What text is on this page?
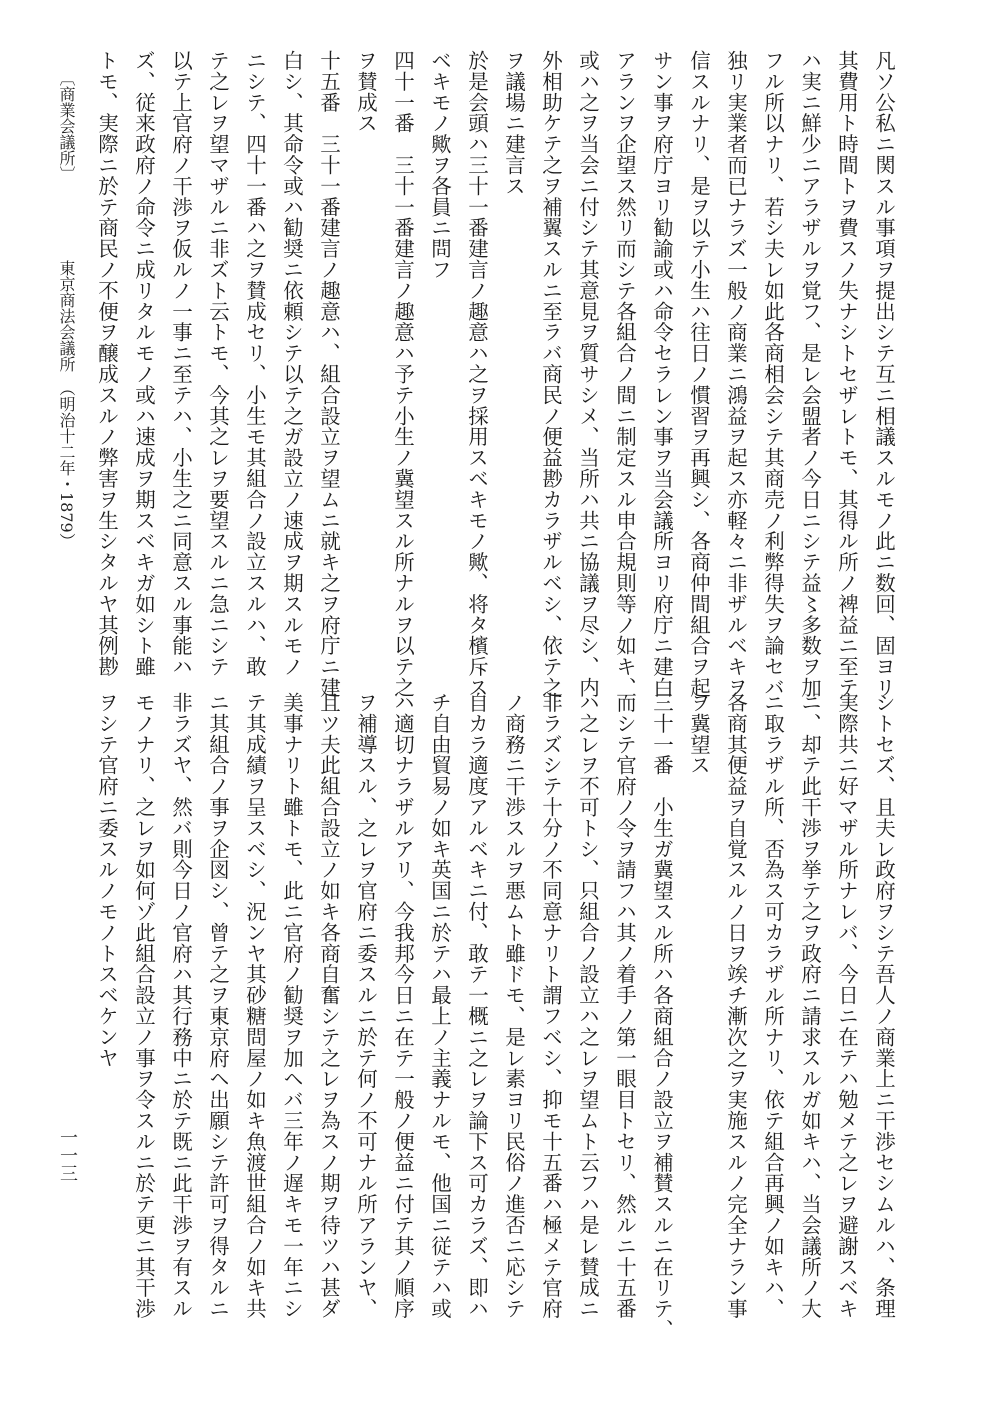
凡ソ公私ニ関スル事項ヲ提出シテ互ニ相議スルモノ此ニ数回、固ヨリ
其費用ト時間トヲ費スノ失ナシトセザレトモ、其得ル所ノ裨益ニ至テ
ハ実ニ鮮少ニアラザルヲ覚フ、是レ会盟者ノ今日ニシテ益〻多数ヲ加
フル所以ナリ、若シ夫レ如此各商相会シテ其商売ノ利弊得失ヲ論セバ
独リ実業者而已ナラズ一般ノ商業ニ鴻益ヲ起ス亦軽々ニ非ザルベキヲ
信スルナリ、是ヲ以テ小生ハ往日ノ慣習ヲ再興シ、各商仲間組合ヲ起
サン事ヲ府庁ヨリ勧諭或ハ命令セラレン事ヲ当会議所ヨリ府庁ニ建白
アランヲ企望ス然リ而シテ各組合ノ間ニ制定スル申合規則等ノ如キ、
或ハ之ヲ当会ニ付シテ其意見ヲ質サシメ、当所ハ共ニ協議ヲ尽シ、内
外相助ケテ之ヲ補翼スルニ至ラバ商民ノ便益尠カラザルベシ、依テ之
ヲ議場ニ建言ス
於是会頭ハ三十一番建言ノ趣意ハ之ヲ採用スベキモノ歟、将タ檳斥ス
ベキモノ歟ヲ各員ニ問フ
四十一番　三十一番建言ノ趣意ハ予テ小生ノ冀望スル所ナルヲ以テ之
ヲ賛成ス
十五番　三十一番建言ノ趣意ハ、組合設立ヲ望ムニ就キ之ヲ府庁ニ建
白シ、其命令或ハ勧奨ニ依頼シテ以テ之ガ設立ノ速成ヲ期スルモノ
ニシテ、四十一番ハ之ヲ賛成セリ、小生モ其組合ノ設立スルハ、敢
テ之レヲ望マザルニ非ズト云トモ、今其之レヲ要望スルニ急ニシテ
以テ上官府ノ干渉ヲ仮ルノ一事ニ至テハ、小生之ニ同意スル事能ハ
ズ、従来政府ノ命令ニ成リタルモノ或ハ速成ヲ期スベキガ如シト雖
トモ、実際ニ於テ商民ノ不便ヲ醸成スルノ弊害ヲ生シタルヤ其例尠
〔商業会議所〕
東京商法会議所　（明治十二年・1879）
シトセズ、且夫レ政府ヲシテ吾人ノ商業上ニ干渉セシムルハ、条理
実際共ニ好マザル所ナレバ、今日ニ在テハ勉メテ之レヲ避謝スベキ
ニ、却テ此干渉ヲ挙テ之ヲ政府ニ請求スルガ如キハ、当会議所ノ大
ニ取ラザル所、否為ス可カラザル所ナリ、依テ組合再興ノ如キハ、
各商其便益ヲ自覚スルノ日ヲ竢チ漸次之ヲ実施スルノ完全ナラン事
ヲ冀望ス
三十一番　小生ガ冀望スル所ハ各商組合ノ設立ヲ補賛スルニ在リテ、
而シテ官府ノ令ヲ請フハ其ノ着手ノ第一眼目トセリ、然ルニ十五番
ハ之レヲ不可トシ、只組合ノ設立ハ之レヲ望ムト云フハ是レ賛成ニ
非ラズシテ十分ノ不同意ナリト謂フベシ、抑モ十五番ハ極メテ官府
ノ商務ニ干渉スルヲ悪ムト雖ドモ、是レ素ヨリ民俗ノ進否ニ応シテ
自カラ適度アルベキニ付、敢テ一概ニ之レヲ論下ス可カラズ、即ハ
チ自由貿易ノ如キ英国ニ於テハ最上ノ主義ナルモ、他国ニ従テハ或
ハ適切ナラザルアリ、今我邦今日ニ在テ一般ノ便益ニ付テ其ノ順序
ヲ補導スル、之レヲ官府ニ委スルニ於テ何ノ不可ナル所アランヤ、
且ツ夫此組合設立ノ如キ各商自奮シテ之レヲ為スノ期ヲ待ツハ甚ダ
美事ナリト雖トモ、此ニ官府ノ勧奨ヲ加ヘバ三年ノ遅キモ一年ニシ
テ其成績ヲ呈スベシ、況ンヤ其砂糖問屋ノ如キ魚渡世組合ノ如キ共
ニ其組合ノ事ヲ企図シ、曾テ之ヲ東京府ヘ出願シテ許可ヲ得タルニ
非ラズヤ、然バ則今日ノ官府ハ其行務中ニ於テ既ニ此干渉ヲ有スル
モノナリ、之レヲ如何ゾ此組合設立ノ事ヲ令スルニ於テ更ニ其干渉
ヲシテ官府ニ委スルノモノトスベケンヤ
一一三
